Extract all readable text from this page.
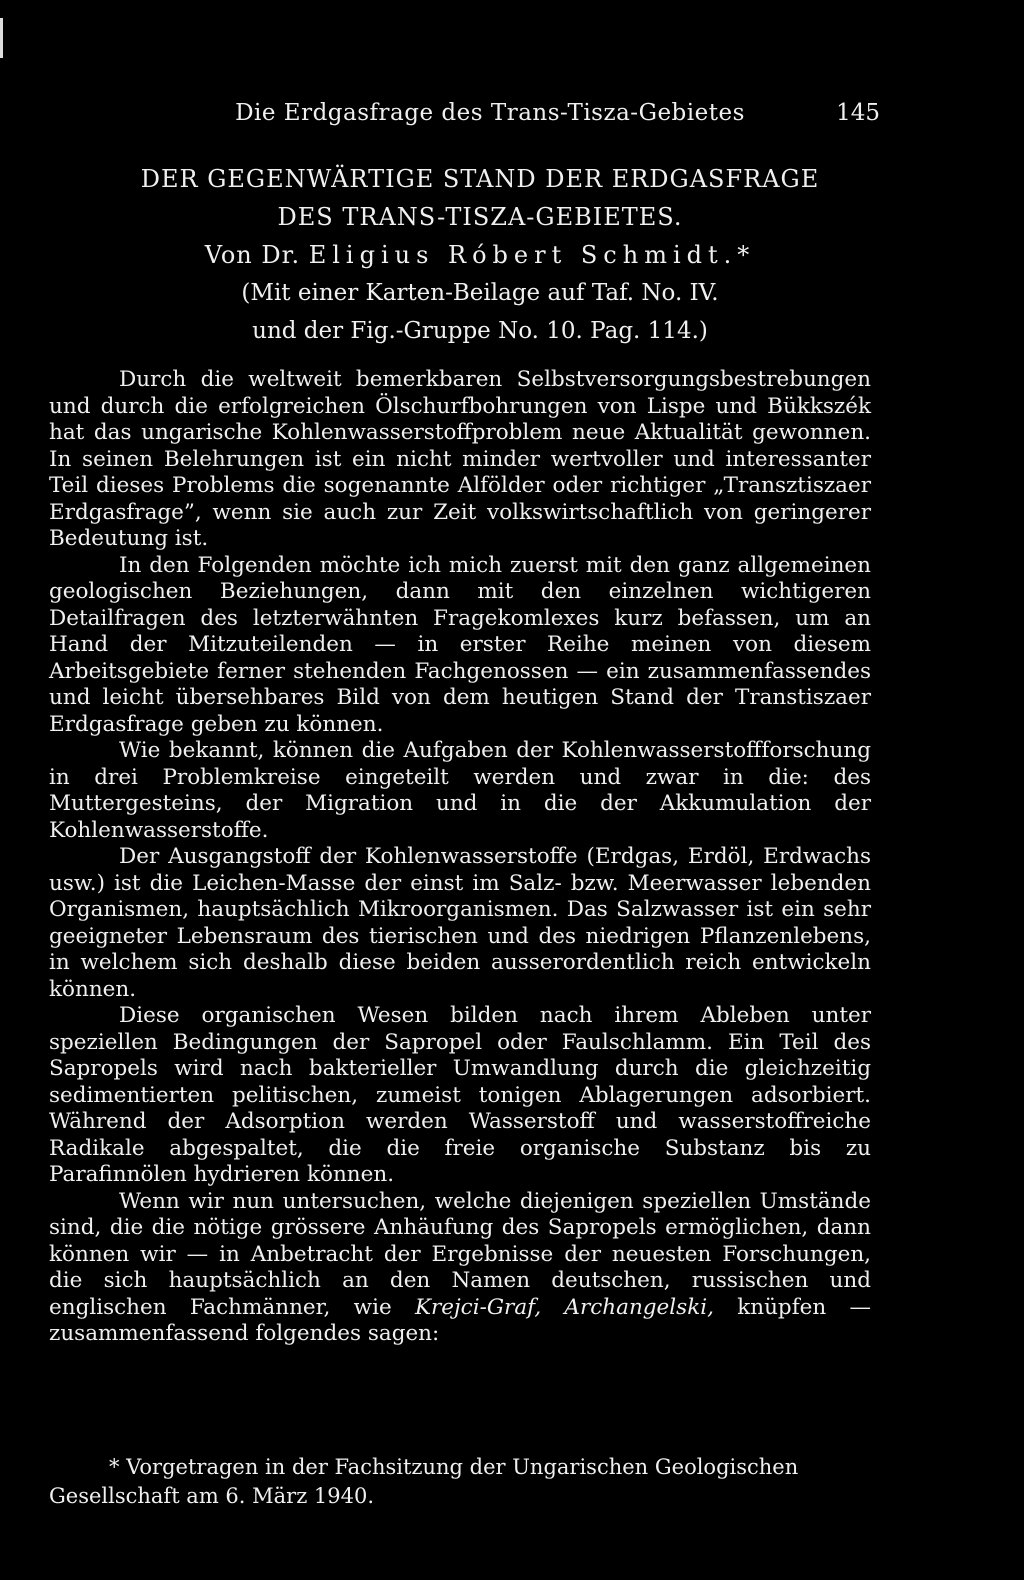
Die Erdgasfrage des Trans-Tisza-Gebietes	145
DER GEGENWÄRTIGE STAND DER ERDGASFRAGE
DES TRANS-TISZA-GEBIETES.
Von Dr. Eligius Róbert Schmidt.*
(Mit einer Karten-Beilage auf Taf. No. IV.
und der Fig.-Gruppe No. 10. Pag. 114.)

Durch die weltweit bemerkbaren Selbstversorgungsbestrebungen und durch die erfolgreichen Ölschurfbohrungen von Lispe und Bükkszék hat das ungarische Kohlenwasserstoffproblem neue Aktualität gewonnen. In seinen Belehrungen ist ein nicht minder wertvoller und interessanter Teil dieses Problems die sogenannte Alfölder oder richtiger „Transztiszaer Erdgasfrage”, wenn sie auch zur Zeit volkswirtschaftlich von geringerer Bedeutung ist.

In den Folgenden möchte ich mich zuerst mit den ganz allgemeinen geologischen Beziehungen, dann mit den einzelnen wichtigeren Detailfragen des letzterwähnten Fragekomlexes kurz befassen, um an Hand der Mitzuteilenden — in erster Reihe meinen von diesem Arbeitsgebiete ferner stehenden Fachgenossen — ein zusammenfassendes und leicht übersehbares Bild von dem heutigen Stand der Transtiszaer Erdgasfrage geben zu können.

Wie bekannt, können die Aufgaben der Kohlenwasserstoffforschung in drei Problemkreise eingeteilt werden und zwar in die: des Muttergesteins, der Migration und in die der Akkumulation der Kohlenwasserstoffe.

Der Ausgangstoff der Kohlenwasserstoffe (Erdgas, Erdöl, Erdwachs usw.) ist die Leichen-Masse der einst im Salz- bzw. Meerwasser lebenden Organismen, hauptsächlich Mikroorganismen. Das Salzwasser ist ein sehr geeigneter Lebensraum des tierischen und des niedrigen Pflanzenlebens, in welchem sich deshalb diese beiden ausserordentlich reich entwickeln können.

Diese organischen Wesen bilden nach ihrem Ableben unter speziellen Bedingungen der Sapropel oder Faulschlamm. Ein Teil des Sapropels wird nach bakterieller Umwandlung durch die gleichzeitig sedimentierten pelitischen, zumeist tonigen Ablagerungen adsorbiert. Während der Adsorption werden Wasserstoff und wasserstoffreiche Radikale abgespaltet, die die freie organische Substanz bis zu Parafinnölen hydrieren können.

Wenn wir nun untersuchen, welche diejenigen speziellen Umstände sind, die die nötige grössere Anhäufung des Sapropels ermöglichen, dann können wir — in Anbetracht der Ergebnisse der neuesten Forschungen, die sich hauptsächlich an den Namen deutschen, russischen und englischen Fachmänner, wie Krejci-Graf, Archangelski, knüpfen — zusammenfassend folgendes sagen:

* Vorgetragen in der Fachsitzung der Ungarischen Geologischen Gesellschaft am 6. März 1940.
